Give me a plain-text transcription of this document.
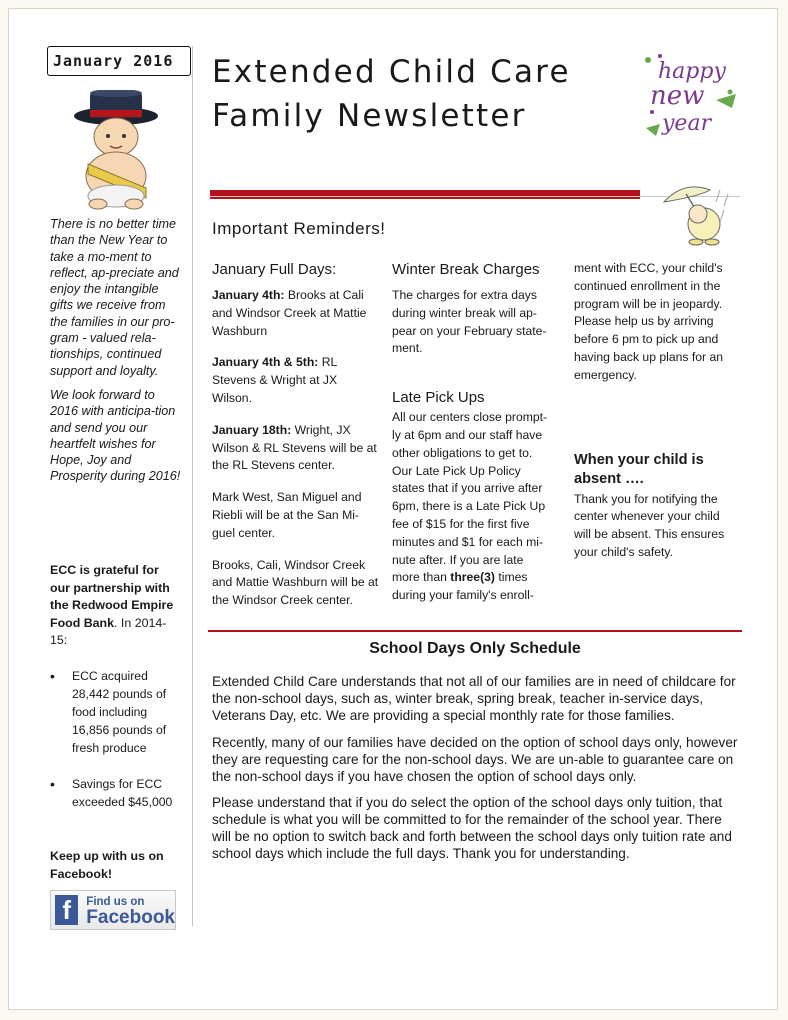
January 2016

There is no better time than the New Year to take a mo-ment to reflect, ap-preciate and enjoy the intangible gifts we receive from the families in our pro-gram - valued rela-tionships, continued support and loyalty.

We look forward to 2016 with anticipa-tion and send you our heartfelt wishes for Hope, Joy and Prosperity during 2016!

ECC is grateful for our partnership with the Redwood Empire Food Bank. In 2014-15:
• ECC acquired 28,442 pounds of food including 16,856 pounds of fresh produce
• Savings for ECC exceeded $45,000
Keep up with us on Facebook!
f	Find us on
Facebook
Extended Child Care Family Newsletter
happy
new
year
Important Reminders!
January Full Days:

January 4th: Brooks at Cali and Windsor Creek at Mattie Washburn

January 4th & 5th: RL Stevens & Wright at JX Wilson.

January 18th: Wright, JX Wilson & RL Stevens will be at the RL Stevens center.

Mark West, San Miguel and Riebli will be at the San Mi-guel center.

Brooks, Cali, Windsor Creek and Mattie Washburn will be at the Windsor Creek center.

Winter Break Charges

The charges for extra days during winter break will ap-pear on your February state-ment.

Late Pick Ups

All our centers close prompt-ly at 6pm and our staff have other obligations to get to. Our Late Pick Up Policy states that if you arrive after 6pm, there is a Late Pick Up fee of $15 for the first five minutes and $1 for each mi-nute after. If you are late more than three(3) times during your family's enroll-

ment with ECC, your child's continued enrollment in the program will be in jeopardy. Please help us by arriving before 6 pm to pick up and having back up plans for an emergency.

When your child is absent ….

Thank you for notifying the center whenever your child will be absent. This ensures your child's safety.

School Days Only Schedule

Extended Child Care understands that not all of our families are in need of childcare for the non-school days, such as, winter break, spring break, teacher in-service days, Veterans Day, etc. We are providing a special monthly rate for those families.

Recently, many of our families have decided on the option of school days only, however they are requesting care for the non-school days. We are un-able to guarantee care on the non-school days if you have chosen the option of school days only.

Please understand that if you do select the option of the school days only tuition, that schedule is what you will be committed to for the remainder of the school year. There will be no option to switch back and forth between the school days only tuition rate and school days which include the full days. Thank you for understanding.
